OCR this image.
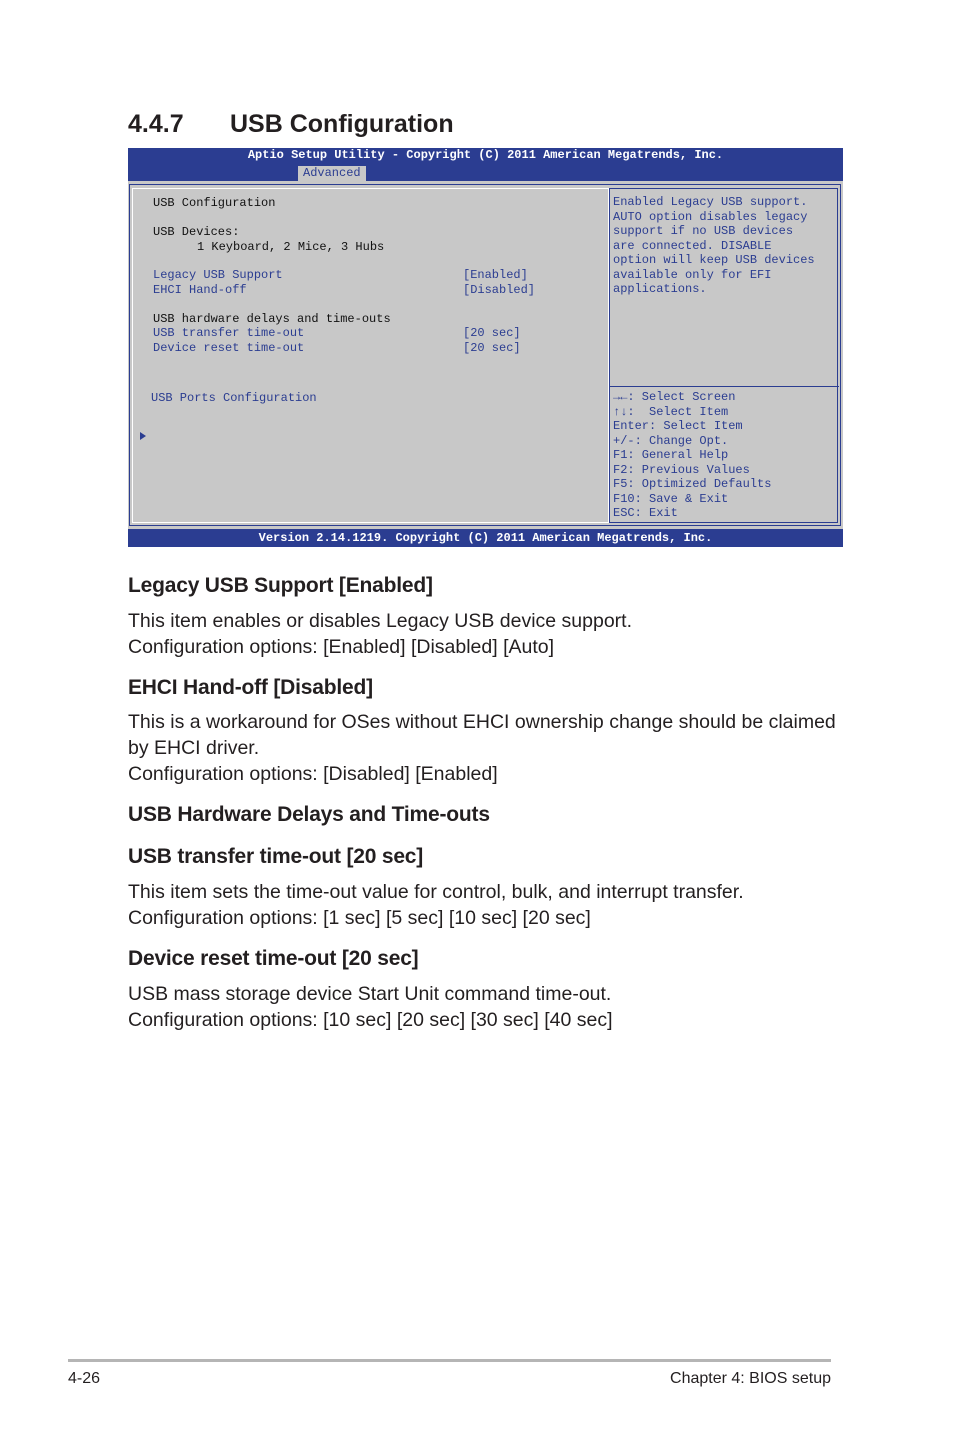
4.4.7 USB Configuration
Aptio Setup Utility - Copyright (C) 2011 American Megatrends, Inc.
Advanced
USB Configuration
USB Devices:
1 Keyboard, 2 Mice, 3 Hubs
Legacy USB Support	[Enabled]
EHCI Hand-off	[Disabled]
USB hardware delays and time-outs
USB transfer time-out	[20 sec]
Device reset time-out	[20 sec]
USB Ports Configuration
Enabled Legacy USB support.
AUTO option disables legacy
support if no USB devices
are connected. DISABLE
option will keep USB devices
available only for EFI
applications.
→←: Select Screen
↑↓:  Select Item
Enter: Select Item
+/-: Change Opt.
F1: General Help
F2: Previous Values
F5: Optimized Defaults
F10: Save & Exit
ESC: Exit
Version 2.14.1219. Copyright (C) 2011 American Megatrends, Inc.
Legacy USB Support [Enabled]
This item enables or disables Legacy USB device support.
Configuration options: [Enabled] [Disabled] [Auto]
EHCI Hand-off [Disabled]
This is a workaround for OSes without EHCI ownership change should be claimed
by EHCI driver.
Configuration options: [Disabled] [Enabled]
USB Hardware Delays and Time-outs
USB transfer time-out [20 sec]
This item sets the time-out value for control, bulk, and interrupt transfer.
Configuration options: [1 sec] [5 sec] [10 sec] [20 sec]
Device reset time-out [20 sec]
USB mass storage device Start Unit command time-out.
Configuration options: [10 sec] [20 sec] [30 sec] [40 sec]
4-26	Chapter 4: BIOS setup
